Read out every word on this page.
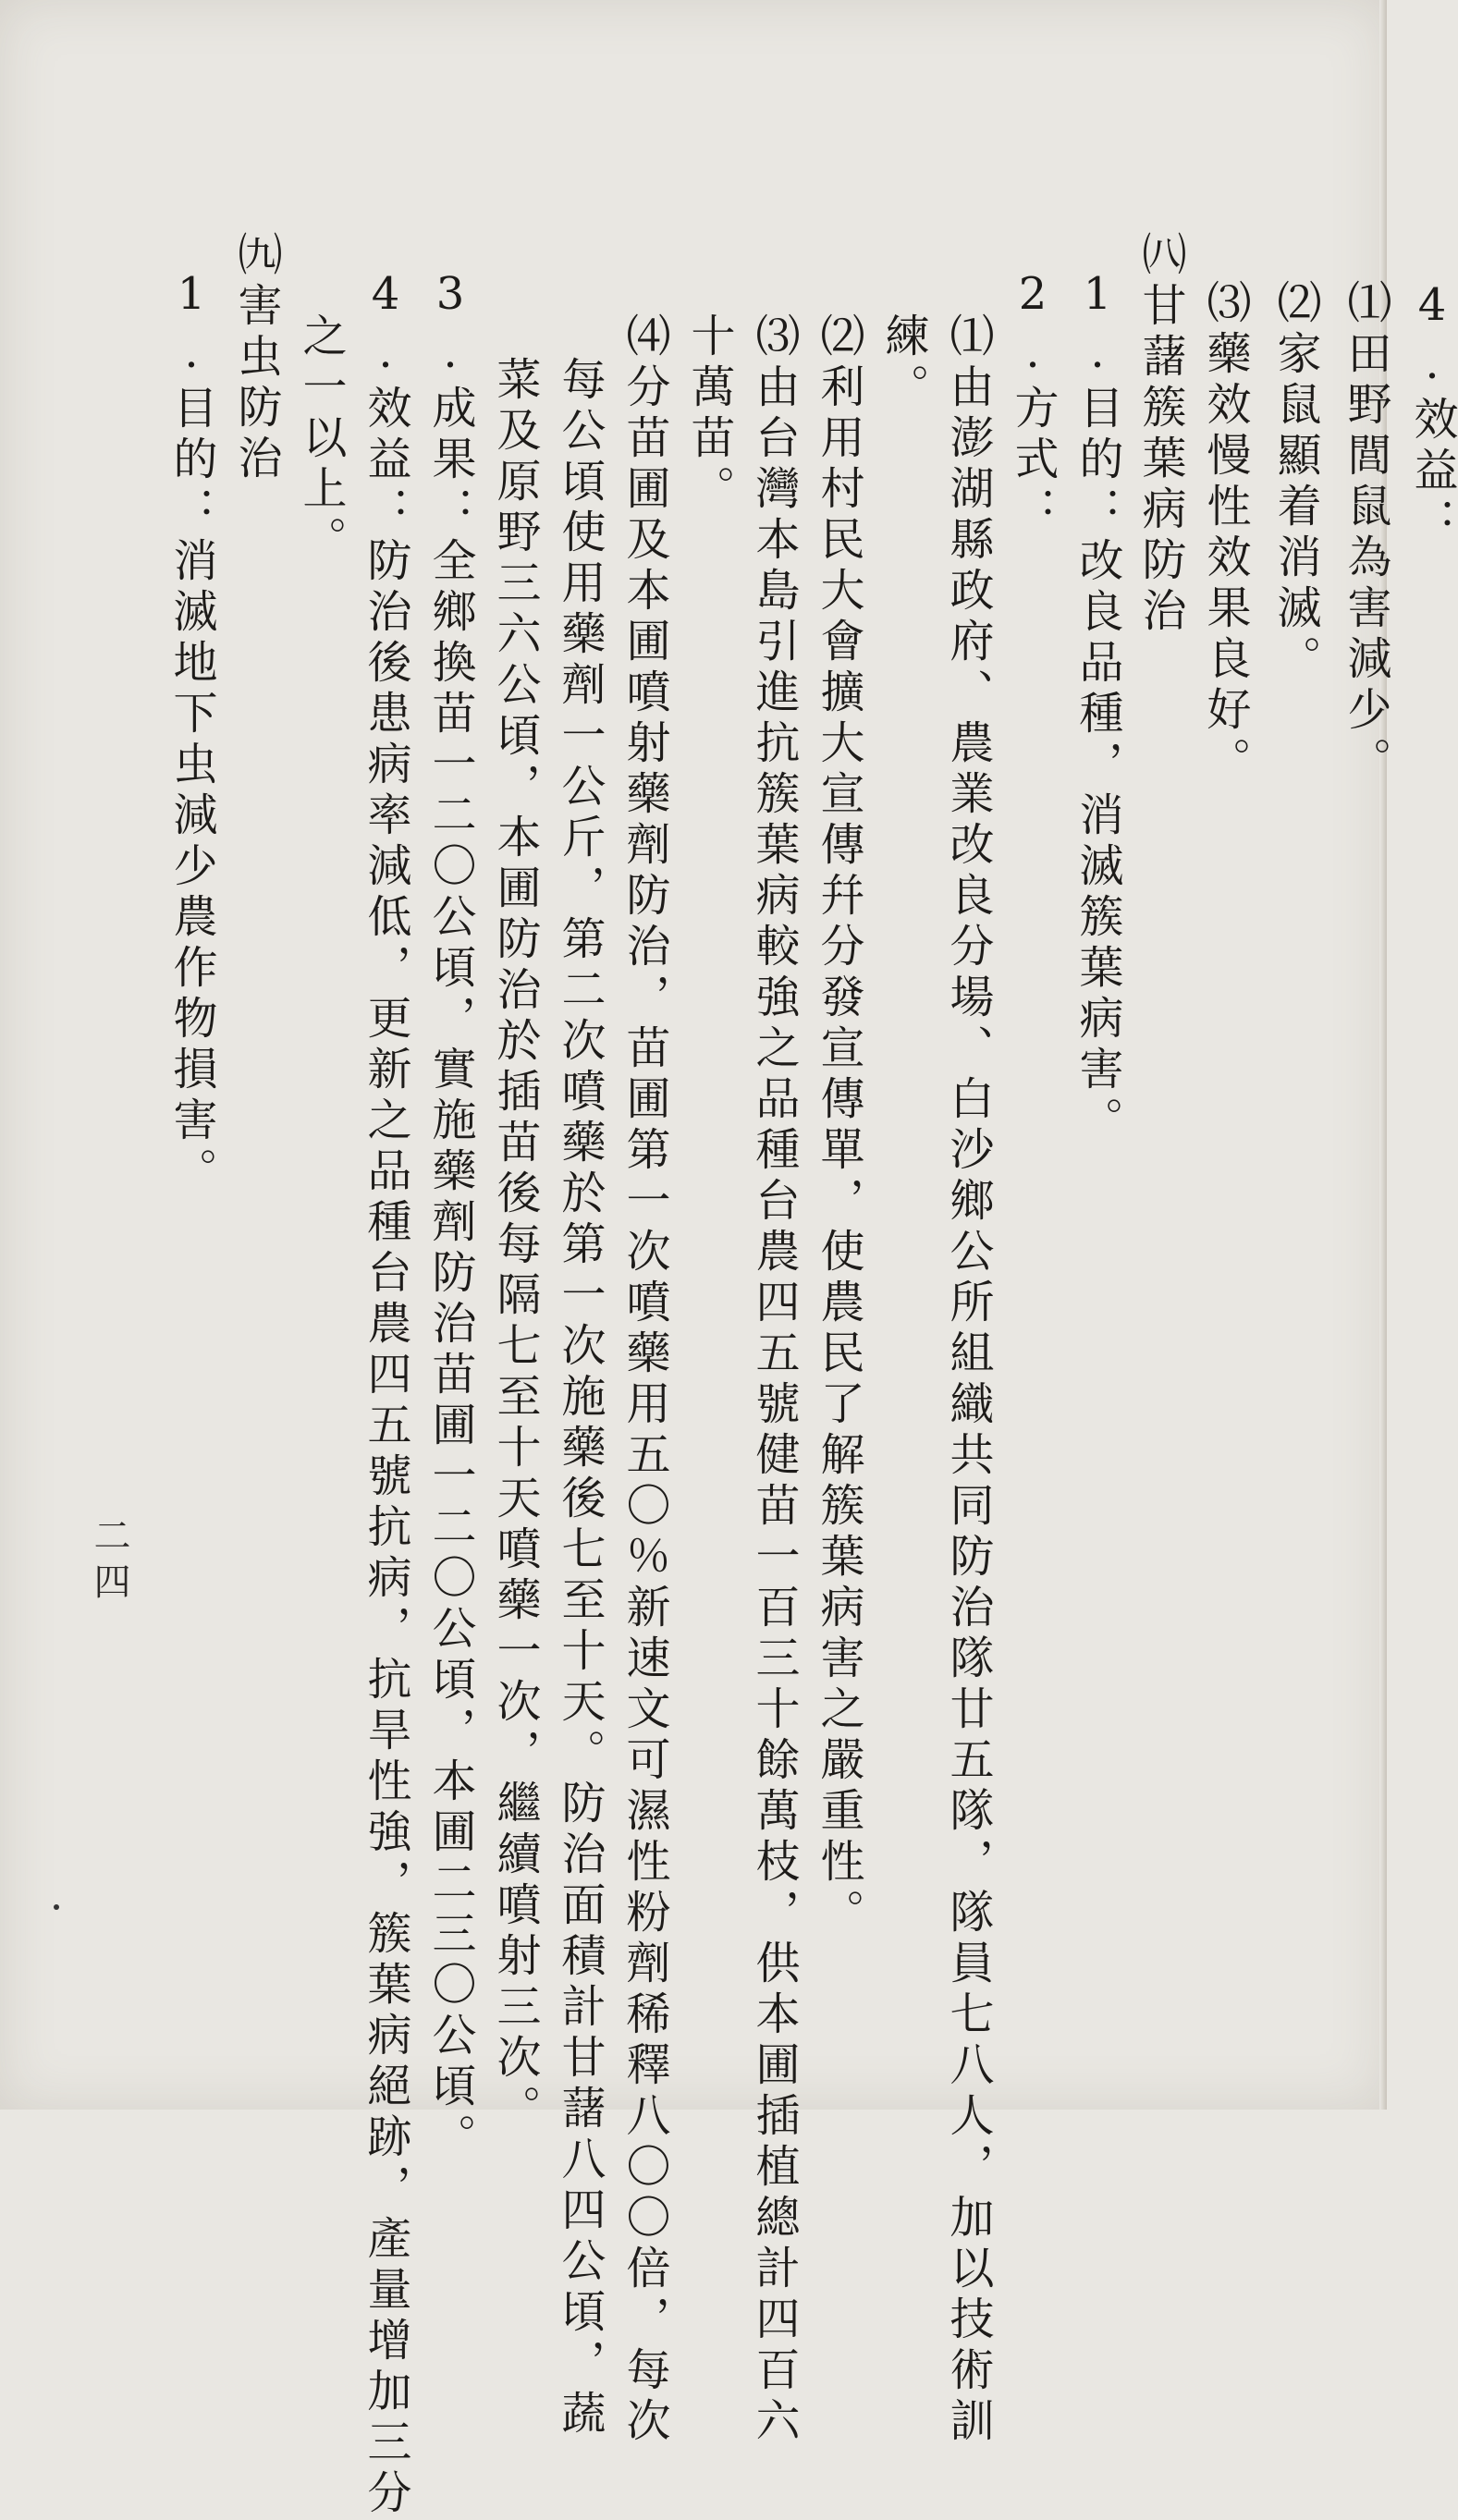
4.效益：
⑴田野閭鼠為害減少。
⑵家鼠顯着消滅。
⑶藥效慢性效果良好。
㈧甘藷簇葉病防治
1.目的：改良品種，消滅簇葉病害。
2.方式：
⑴由澎湖縣政府、農業改良分場、白沙鄉公所組織共同防治隊廿五隊，隊員七八人，加以技術訓
練。
⑵利用村民大會擴大宣傳幷分發宣傳單，使農民了解簇葉病害之嚴重性。
⑶由台灣本島引進抗簇葉病較強之品種台農四五號健苗一百三十餘萬枝，供本圃插植總計四百六
十萬苗。
⑷分苗圃及本圃噴射藥劑防治，苗圃第一次噴藥用五〇％新速文可濕性粉劑稀釋八〇〇倍，每次
每公頃使用藥劑一公斤，第二次噴藥於第一次施藥後七至十天。防治面積計甘藷八四公頃，蔬
菜及原野三六公頃，本圃防治於插苗後每隔七至十天噴藥一次，繼續噴射三次。
3.成果：全鄉換苗一二〇公頃，實施藥劑防治苗圃一二〇公頃，本圃二三〇公頃。
4.效益：防治後患病率減低，更新之品種台農四五號抗病，抗旱性強，簇葉病絕跡，產量增加三分
之一以上。
㈨害虫防治
1.目的：消滅地下虫減少農作物損害。
二四
